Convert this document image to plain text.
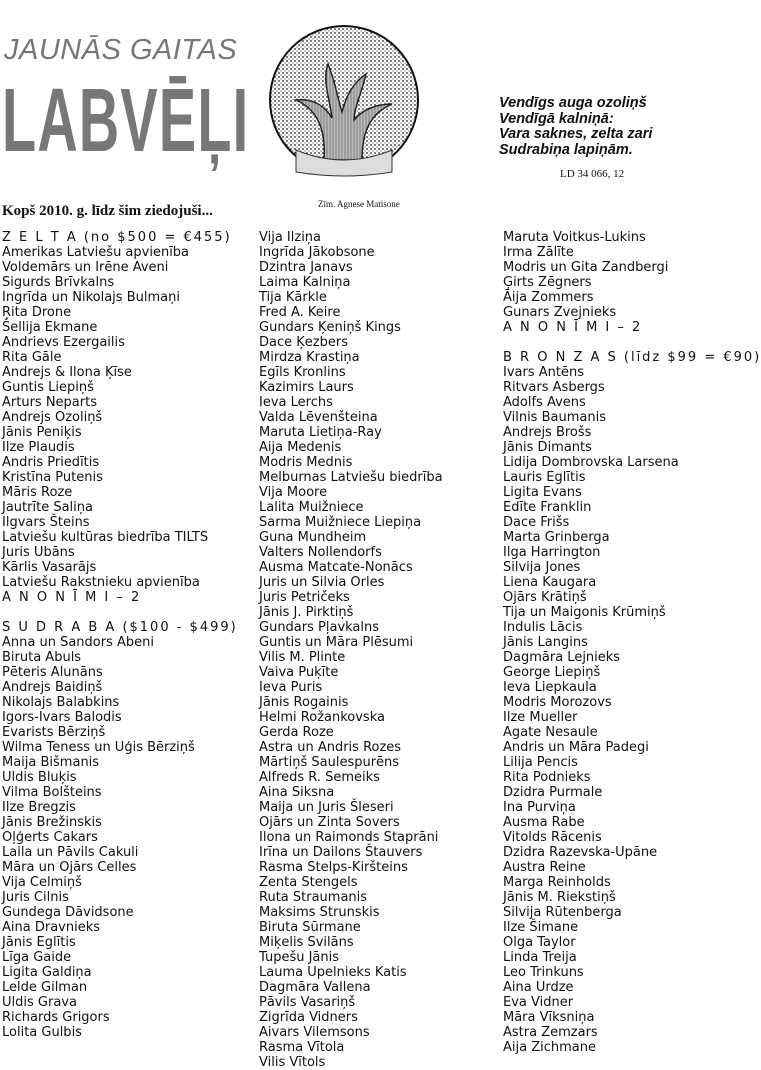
JAUNĀS GAITAS
LABVĒĻI
Kopš 2010. g. līdz šim ziedojuši...	Zīm. Agnese Matisone
Vendīgs auga ozoliņš
Vendīgā kalniņā:
Vara saknes, zelta zari
Sudrabiņa lapiņām.
LD 34 066, 12
Z E L T A (no $500 = €455)
Amerikas Latviešu apvienība
Voldemārs un Irēne Aveni
Sigurds Brīvkalns
Ingrīda un Nikolajs Bulmaņi
Ŗita Drone
Šellija Ekmane
Andrievs Ezergailis
Rita Gāle
Andrejs & Ilona Ķīse
Guntis Liepiņš
Arturs Neparts
Andrejs Ozoliņš
Jānis Peniķis
Ilze Plaudis
Andris Priedītis
Kristīna Putenis
Māris Roze
Jautrīte Saliņa
Ilgvars Šteins
Latviešu kultūras biedrība TILTS
Juris Ubāns
Kārlis Vasarājs
Latviešu Rakstnieku apvienība
A N O N Ī M I – 2
S U D R A B A ($100 - $499)
Anna un Sandors Abeni
Biruta Abuls
Pēteris Alunāns
Andrejs Baidiņš
Nikolajs Balabkins
Igors-Ivars Balodis
Evarists Bērziņš
Wilma Teness un Uģis Bērziņš
Maija Bišmanis
Uldis Bluķis
Vilma Bolšteins
Ilze Bregzis
Jānis Brežinskis
Oļģerts Cakars
Laila un Pāvils Cakuli
Māra un Ojārs Celles
Vija Celmiņš
Juris Cilnis
Gundega Dāvidsone
Aina Dravnieks
Jānis Eglītis
Līga Gaide
Ligita Galdiņa
Lelde Gilman
Uldis Grava
Richards Grigors
Lolita Gulbis
Vija Ilziņa
Ingrīda Jākobsone
Dzintra Janavs
Laima Kalniņa
Tija Kārkle
Fred A. Keire
Gundars Ķeniņš Kings
Dace Ķezbers
Mirdza Krastiņa
Egīls Kronlins
Kazimirs Laurs
Ieva Lerchs
Valda Lēvenšteina
Maruta Lietiņa-Ray
Aija Medenis
Modris Mednis
Melburnas Latviešu biedrība
Vija Moore
Lalita Muižniece
Sarma Muižniece Liepiņa
Guna Mundheim
Valters Nollendorfs
Ausma Matcate-Nonācs
Juris un Silvia Orles
Juris Petričeks
Jānis J. Pirktiņš
Gundars Pļavkalns
Guntis un Māra Plēsumi
Vilis M. Plinte
Vaiva Puķīte
Ieva Puris
Jānis Rogainis
Helmi Rožankovska
Gerda Roze
Astra un Andris Rozes
Mārtiņš Saulespurēns
Alfreds R. Semeiks
Aina Siksna
Maija un Juris Šleseri
Ojārs un Zinta Sovers
Ilona un Raimonds Staprāni
Irīna un Dailons Štauvers
Rasma Stelps-Kiršteins
Zenta Stengels
Ruta Straumanis
Maksims Strunskis
Biruta Sūrmane
Miķelis Svilāns
Tupešu Jānis
Lauma Upelnieks Katis
Dagmāra Vallena
Pāvils Vasariņš
Zigrīda Vidners
Aivars Vilemsons
Rasma Vītola
Vilis Vītols
Maruta Voitkus-Lukins
Irma Zālīte
Modris un Gita Zandbergi
Ģirts Zēgners
Āija Zommers
Gunars Zvejnieks
A N O N Ī M I – 2
B R O N Z A S (līdz $99 = €90)
Ivars Antēns
Ritvars Asbergs
Adolfs Avens
Vilnis Baumanis
Andrejs Brošs
Jānis Dimants
Lidija Dombrovska Larsena
Lauris Eglītis
Ligita Evans
Edīte Franklin
Dace Frišs
Marta Grinberga
Ilga Harrington
Silvija Jones
Liena Kaugara
Ojārs Krātiņš
Tija un Maigonis Krūmiņš
Indulis Lācis
Jānis Langins
Dagmāra Lejnieks
George Liepiņš
Ieva Liepkaula
Modris Morozovs
Ilze Mueller
Agate Nesaule
Andris un Māra Padegi
Lilija Pencis
Rita Podnieks
Dzidra Purmale
Ina Purviņa
Ausma Rabe
Vitolds Rācenis
Dzidra Razevska-Upāne
Austra Reine
Marga Reinholds
Jānis M. Riekstiņš
Silvija Rūtenberga
Ilze Šimane
Olga Taylor
Linda Treija
Leo Trinkuns
Aina Urdze
Eva Vidner
Māra Vīksniņa
Astra Zemzars
Aija Zichmane
